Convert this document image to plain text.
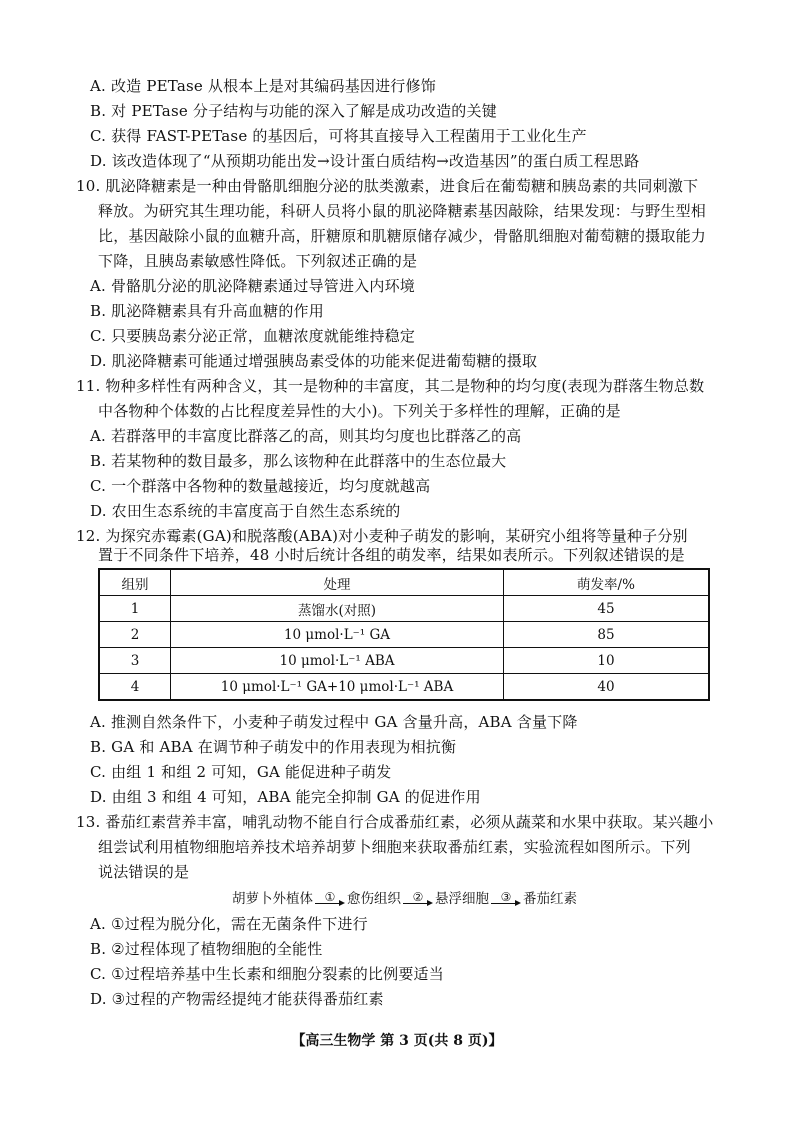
A. 改造 PETase 从根本上是对其编码基因进行修饰
B. 对 PETase 分子结构与功能的深入了解是成功改造的关键
C. 获得 FAST-PETase 的基因后，可将其直接导入工程菌用于工业化生产
D. 该改造体现了“从预期功能出发→设计蛋白质结构→改造基因”的蛋白质工程思路
10. 肌泌降糖素是一种由骨骼肌细胞分泌的肽类激素，进食后在葡萄糖和胰岛素的共同刺激下
释放。为研究其生理功能，科研人员将小鼠的肌泌降糖素基因敲除，结果发现：与野生型相
比，基因敲除小鼠的血糖升高，肝糖原和肌糖原储存减少，骨骼肌细胞对葡萄糖的摄取能力
下降，且胰岛素敏感性降低。下列叙述正确的是
A. 骨骼肌分泌的肌泌降糖素通过导管进入内环境
B. 肌泌降糖素具有升高血糖的作用
C. 只要胰岛素分泌正常，血糖浓度就能维持稳定
D. 肌泌降糖素可能通过增强胰岛素受体的功能来促进葡萄糖的摄取
11. 物种多样性有两种含义，其一是物种的丰富度，其二是物种的均匀度(表现为群落生物总数
中各物种个体数的占比程度差异性的大小)。下列关于多样性的理解，正确的是
A. 若群落甲的丰富度比群落乙的高，则其均匀度也比群落乙的高
B. 若某物种的数目最多，那么该物种在此群落中的生态位最大
C. 一个群落中各物种的数量越接近，均匀度就越高
D. 农田生态系统的丰富度高于自然生态系统的
12. 为探究赤霉素(GA)和脱落酸(ABA)对小麦种子萌发的影响，某研究小组将等量种子分别
置于不同条件下培养，48 小时后统计各组的萌发率，结果如表所示。下列叙述错误的是
组别	处理	萌发率/%
1	蒸馏水(对照)	45
2	10 μmol·L⁻¹ GA	85
3	10 μmol·L⁻¹ ABA	10
4	10 μmol·L⁻¹ GA+10 μmol·L⁻¹ ABA	40
A. 推测自然条件下，小麦种子萌发过程中 GA 含量升高，ABA 含量下降
B. GA 和 ABA 在调节种子萌发中的作用表现为相抗衡
C. 由组 1 和组 2 可知，GA 能促进种子萌发
D. 由组 3 和组 4 可知，ABA 能完全抑制 GA 的促进作用
13. 番茄红素营养丰富，哺乳动物不能自行合成番茄红素，必须从蔬菜和水果中获取。某兴趣小
组尝试利用植物细胞培养技术培养胡萝卜细胞来获取番茄红素，实验流程如图所示。下列
说法错误的是
胡萝卜外植体 ① 愈伤组织 ② 悬浮细胞 ③ 番茄红素
A. ①过程为脱分化，需在无菌条件下进行
B. ②过程体现了植物细胞的全能性
C. ①过程培养基中生长素和细胞分裂素的比例要适当
D. ③过程的产物需经提纯才能获得番茄红素
【高三生物学 第 3 页(共 8 页)】
